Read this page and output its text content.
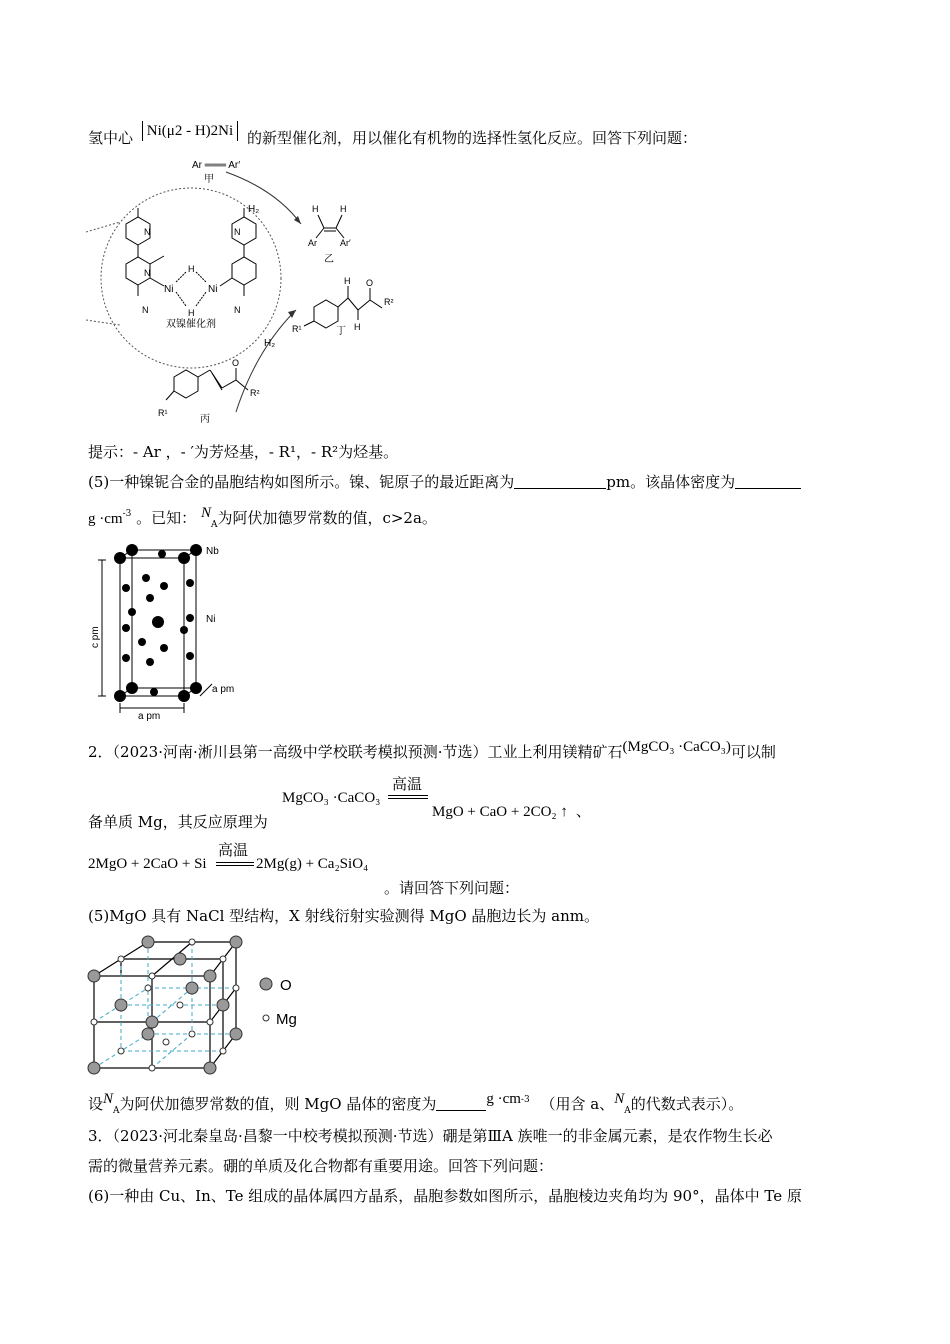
氢中心 Ni(μ2 - H)2Ni 的新型催化剂，用以催化有机物的选择性氢化反应。回答下列问题：
Ar ═══ Ar′
甲
H₂	H H
Ar	Ar′
乙
N
N
N
Ni	Ni
H
H
N
N
双镍催化剂
R¹
O
R²
丙
H₂
H
H
O
R²
R¹	丁
提示：- Ar ，- ′为芳烃基，- R¹，- R²为烃基。
(5)一种镍铌合金的晶胞结构如图所示。镍、铌原子的最近距离为	pm。该晶体密度为
$g \cdot cm^{-3}$ 。已知： $N_A$为阿伏加德罗常数的值，c>2a。
Nb
Ni
c pm
a pm
a pm
2．（2023·河南·淅川县第一高级中学校联考模拟预测·节选）工业上利用镁精矿石(MgCO₃ ·CaCO₃)可以制
MgCO₃ ·CaCO₃
高温
备单质 Mg，其反应原理为
MgO + CaO + 2CO₂ ↑ 、
2MgO + 2CaO + Si
高温
2Mg(g) + Ca₂SiO₄
。请回答下列问题：
(5)MgO 具有 NaCl 型结构，X 射线衍射实验测得 MgO 晶胞边长为 anm。
O
Mg
设$N_A$为阿伏加德罗常数的值，则 MgO 晶体的密度为	$g \cdot cm^{-3}$ （用含 a、$N_A$的代数式表示）。
3．（2023·河北秦皇岛·昌黎一中校考模拟预测·节选）硼是第ⅢA 族唯一的非金属元素，是农作物生长必
需的微量营养元素。硼的单质及化合物都有重要用途。回答下列问题：
(6)一种由 Cu、In、Te 组成的晶体属四方晶系，晶胞参数如图所示，晶胞棱边夹角均为 90°，晶体中 Te 原
